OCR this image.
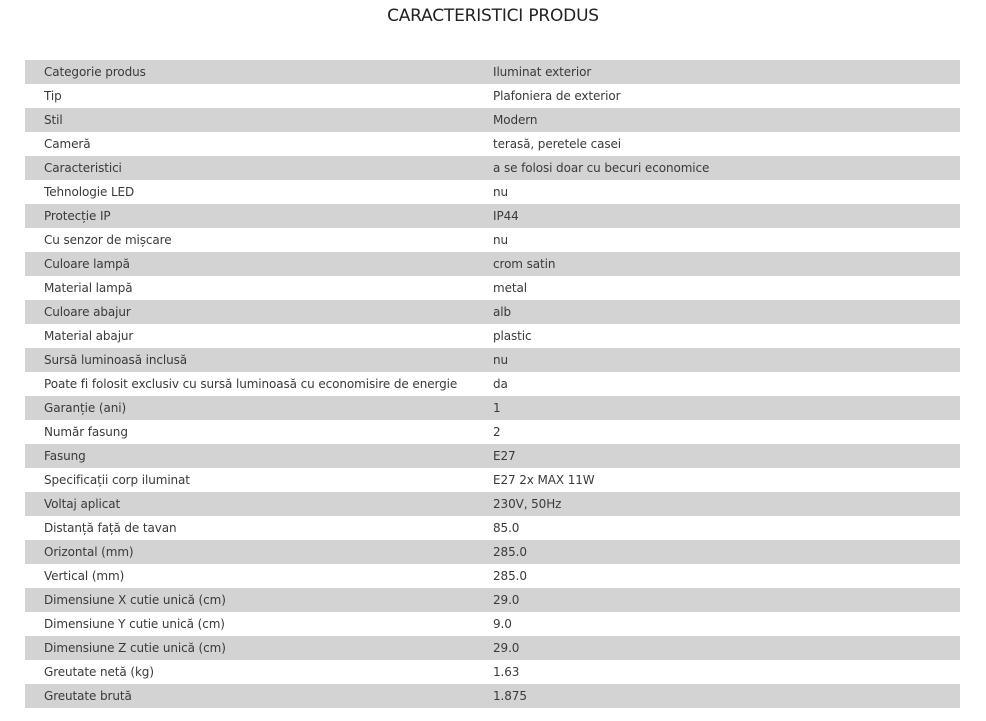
CARACTERISTICI PRODUS
Categorie produs	Iluminat exterior
Tip	Plafoniera de exterior
Stil	Modern
Cameră	terasă, peretele casei
Caracteristici	a se folosi doar cu becuri economice
Tehnologie LED	nu
Protecție IP	IP44
Cu senzor de mișcare	nu
Culoare lampă	crom satin
Material lampă	metal
Culoare abajur	alb
Material abajur	plastic
Sursă luminoasă inclusă	nu
Poate fi folosit exclusiv cu sursă luminoasă cu economisire de energie	da
Garanție (ani)	1
Număr fasung	2
Fasung	E27
Specificații corp iluminat	E27 2x MAX 11W
Voltaj aplicat	230V, 50Hz
Distanță față de tavan	85.0
Orizontal (mm)	285.0
Vertical (mm)	285.0
Dimensiune X cutie unică (cm)	29.0
Dimensiune Y cutie unică (cm)	9.0
Dimensiune Z cutie unică (cm)	29.0
Greutate netă (kg)	1.63
Greutate brută	1.875
